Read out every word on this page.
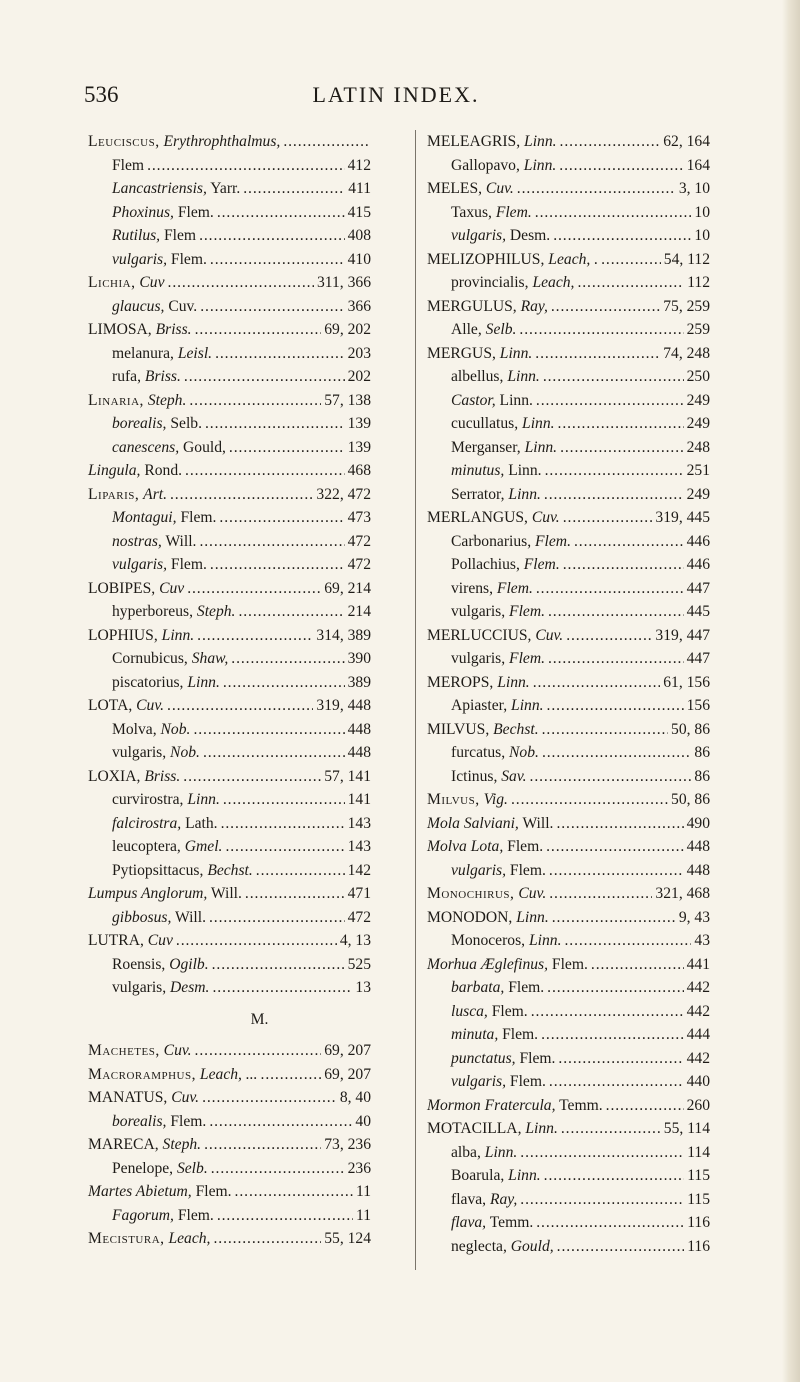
536	LATIN INDEX.
Leuciscus, Erythrophthalmus,
. . .
Flem . . .	412
Lancastriensis, Yarr. . . .	411
Phoxinus, Flem. . . .	415
Rutilus, Flem . . .	408
vulgaris, Flem. . . .	410
Lichia, Cuv . . .	311, 366
glaucus, Cuv. . . .	366
LIMOSA, Briss. . . .	69, 202
melanura, Leisl. . . .	203
rufa, Briss. . . .	202
Linaria, Steph. . . .	57, 138
borealis, Selb. . . .	139
canescens, Gould, . . .	139
Lingula, Rond. . . .	468
Liparis, Art. . . .	322, 472
Montagui, Flem. . . .	473
nostras, Will. . . .	472
vulgaris, Flem. . . .	472
LOBIPES, Cuv . . .	69, 214
hyperboreus, Steph. . . .	214
LOPHIUS, Linn. . . .	314, 389
Cornubicus, Shaw, . . .	390
piscatorius, Linn. . . .	389
LOTA, Cuv. . . .	319, 448
Molva, Nob. . . .	448
vulgaris, Nob. . . .	448
LOXIA, Briss. . . .	57, 141
curvirostra, Linn. . . .	141
falcirostra, Lath. . . .	143
leucoptera, Gmel. . . .	143
Pytiopsittacus, Bechst. . . .	142
Lumpus Anglorum, Will. . . .	471
gibbosus, Will. . . .	472
LUTRA, Cuv . . .	4, 13
Roensis, Ogilb. . . .	525
vulgaris, Desm. . . .	13
M.
Machetes, Cuv. . . .	69, 207
Macroramphus, Leach, ... . . .	69, 207
MANATUS, Cuv. . . .	8, 40
borealis, Flem. . . .	40
MARECA, Steph. . . .	73, 236
Penelope, Selb. . . .	236
Martes Abietum, Flem. . . .	11
Fagorum, Flem. . . .	11
Mecistura, Leach, . . .	55, 124
MELEAGRIS, Linn. . . .	62, 164
Gallopavo, Linn. . . .	164
MELES, Cuv. . . .	3, 10
Taxus, Flem. . . .	10
vulgaris, Desm. . . .	10
MELIZOPHILUS, Leach, . . . .	54, 112
provincialis, Leach, . . .	112
MERGULUS, Ray, . . .	75, 259
Alle, Selb. . . .	259
MERGUS, Linn. . . .	74, 248
albellus, Linn. . . .	250
Castor, Linn. . . .	249
cucullatus, Linn. . . .	249
Merganser, Linn. . . .	248
minutus, Linn. . . .	251
Serrator, Linn. . . .	249
MERLANGUS, Cuv. . . .	319, 445
Carbonarius, Flem. . . .	446
Pollachius, Flem. . . .	446
virens, Flem. . . .	447
vulgaris, Flem. . . .	445
MERLUCCIUS, Cuv. . . .	319, 447
vulgaris, Flem. . . .	447
MEROPS, Linn. . . .	61, 156
Apiaster, Linn. . . .	156
MILVUS, Bechst. . . .	50, 86
furcatus, Nob. . . .	86
Ictinus, Sav. . . .	86
Milvus, Vig. . . .	50, 86
Mola Salviani, Will. . . .	490
Molva Lota, Flem. . . .	448
vulgaris, Flem. . . .	448
Monochirus, Cuv. . . .	321, 468
MONODON, Linn. . . .	9, 43
Monoceros, Linn. . . .	43
Morhua Æglefinus, Flem. . . .	441
barbata, Flem. . . .	442
lusca, Flem. . . .	442
minuta, Flem. . . .	444
punctatus, Flem. . . .	442
vulgaris, Flem. . . .	440
Mormon Fratercula, Temm. . . .	260
MOTACILLA, Linn. . . .	55, 114
alba, Linn. . . .	114
Boarula, Linn. . . .	115
flava, Ray, . . .	115
flava, Temm. . . .	116
neglecta, Gould, . . .	116
